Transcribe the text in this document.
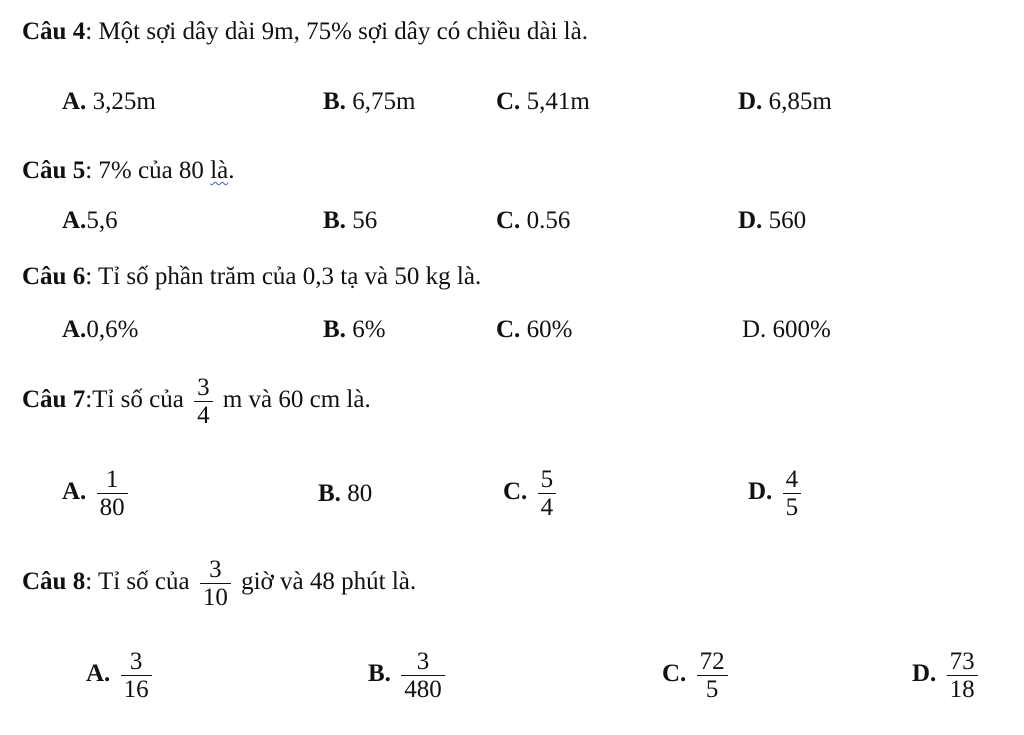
Câu 4: Một sợi dây dài 9m, 75% sợi dây có chiều dài là.
A. 3,25m	B. 6,75m	C. 5,41m	D. 6,85m
Câu 5: 7% của 80 là.
A.5,6	B. 56	C. 0.56	D. 560
Câu 6: Tỉ số phần trăm của 0,3 tạ và 50 kg là.
A.0,6%	B. 6%	C. 60%	D. 600%
Câu 7:Tỉ số của $\frac{3}{4}$ m và 60 cm là.
A. $\frac{1}{80}$	B. 80	C. $\frac{5}{4}$	D. $\frac{4}{5}$
Câu 8: Tỉ số của $\frac{3}{10}$ giờ và 48 phút là.
A. $\frac{3}{16}$	B. $\frac{3}{480}$	C. $\frac{72}{5}$	D. $\frac{73}{18}$
